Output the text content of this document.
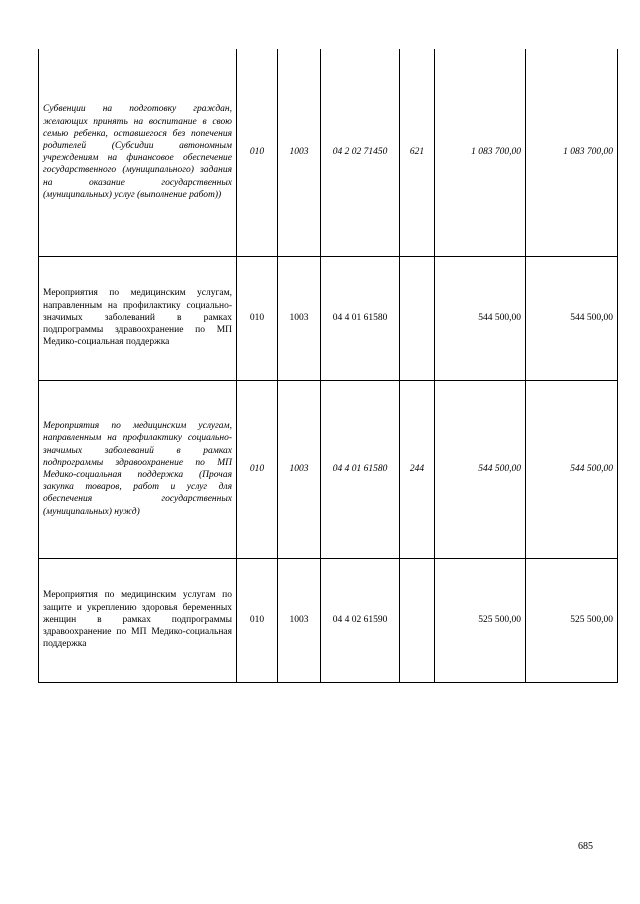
Субвенции на подготовку граждан, желающих принять на воспитание в свою семью ребенка, оставшегося без попечения родителей (Субсидии автономным учреждениям на финансовое обеспечение государственного (муниципального) задания на оказание государственных (муниципальных) услуг (выполнение работ))	010	1003	04 2 02 71450	621	1 083 700,00	1 083 700,00
Мероприятия по медицинским услугам, направленным на профилактику социально- значимых заболеваний в рамках подпрограммы здравоохранение по МП Медико-социальная поддержка	010	1003	04 4 01 61580		544 500,00	544 500,00
Мероприятия по медицинским услугам, направленным на профилактику социально- значимых заболеваний в рамках подпрограммы здравоохранение по МП Медико-социальная поддержка (Прочая закупка товаров, работ и услуг для обеспечения государственных (муниципальных) нужд)	010	1003	04 4 01 61580	244	544 500,00	544 500,00
Мероприятия по медицинским услугам по защите и укреплению здоровья беременных женщин в рамках подпрограммы здравоохранение по МП Медико-социальная поддержка	010	1003	04 4 02 61590		525 500,00	525 500,00
685
